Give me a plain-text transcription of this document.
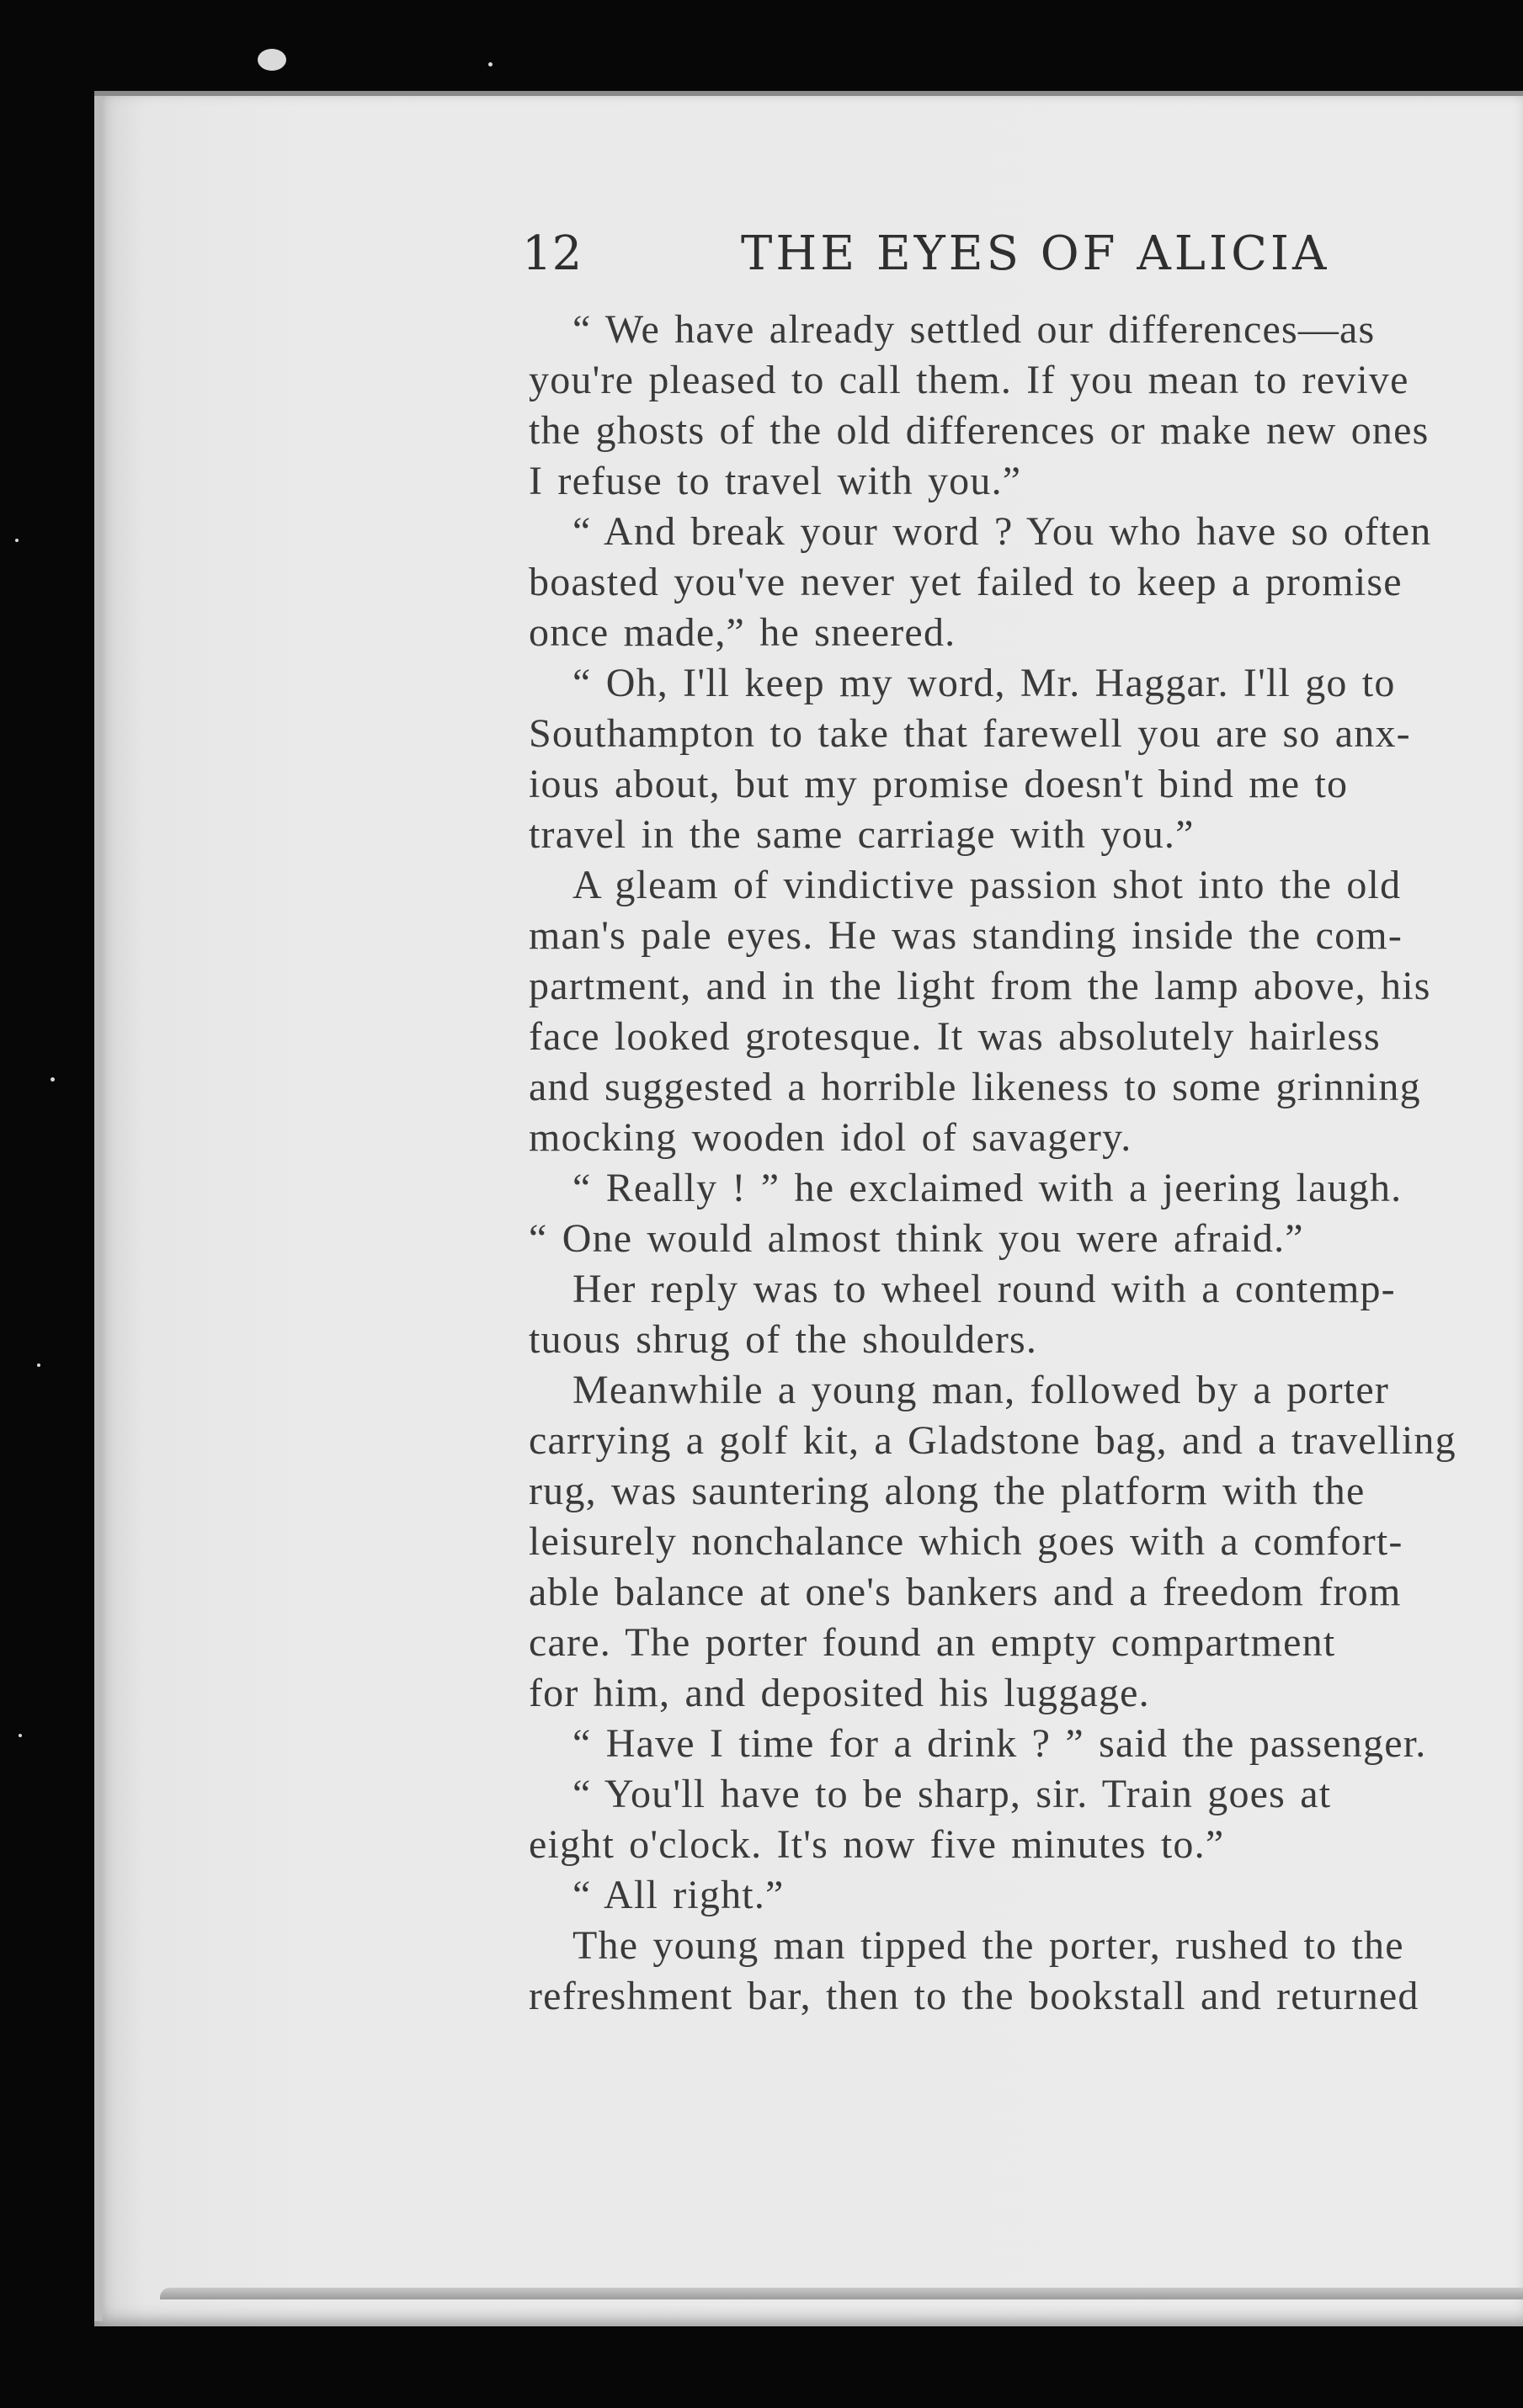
12	THE EYES OF ALICIA
“ We have already settled our differences—as
you're pleased to call them. If you mean to revive
the ghosts of the old differences or make new ones
I refuse to travel with you.”
“ And break your word ? You who have so often
boasted you've never yet failed to keep a promise
once made,” he sneered.
“ Oh, I'll keep my word, Mr. Haggar. I'll go to
Southampton to take that farewell you are so anx-
ious about, but my promise doesn't bind me to
travel in the same carriage with you.”
A gleam of vindictive passion shot into the old
man's pale eyes. He was standing inside the com-
partment, and in the light from the lamp above, his
face looked grotesque. It was absolutely hairless
and suggested a horrible likeness to some grinning
mocking wooden idol of savagery.
“ Really ! ” he exclaimed with a jeering laugh.
“ One would almost think you were afraid.”
Her reply was to wheel round with a contemp-
tuous shrug of the shoulders.
Meanwhile a young man, followed by a porter
carrying a golf kit, a Gladstone bag, and a travelling
rug, was sauntering along the platform with the
leisurely nonchalance which goes with a comfort-
able balance at one's bankers and a freedom from
care. The porter found an empty compartment
for him, and deposited his luggage.
“ Have I time for a drink ? ” said the passenger.
“ You'll have to be sharp, sir. Train goes at
eight o'clock. It's now five minutes to.”
“ All right.”
The young man tipped the porter, rushed to the
refreshment bar, then to the bookstall and returned
